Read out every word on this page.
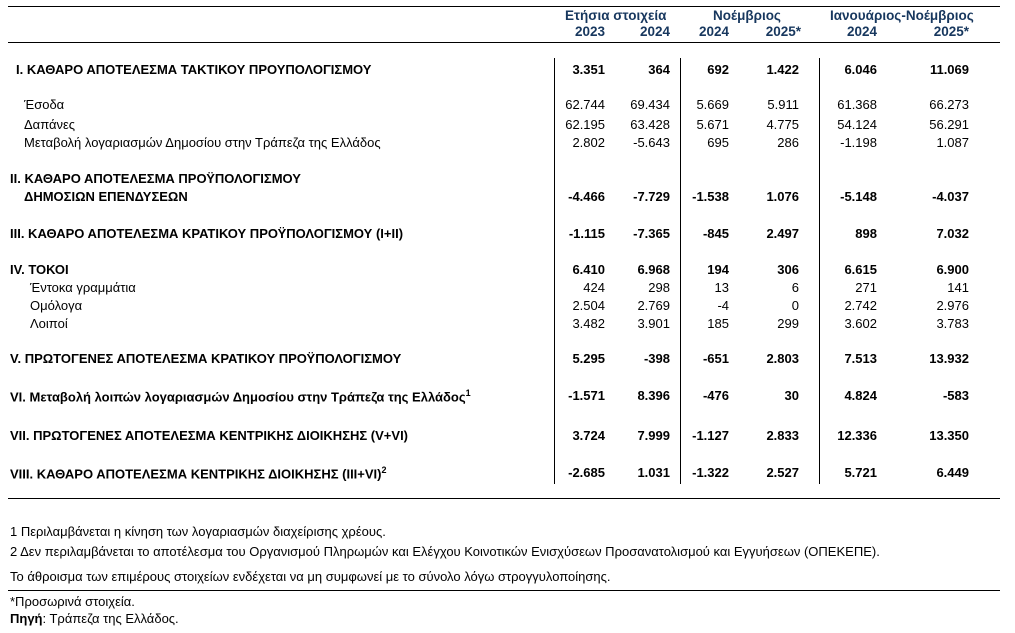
Ετήσια στοιχεία	Νοέμβριος	Ιανουάριος-Νοέμβριος
2023	2024 2024	2025*	2024	2025*
I. ΚΑΘΑΡΟ ΑΠΟΤΕΛΕΣΜΑ ΤΑΚΤΙΚΟΥ ΠΡΟΥΠΟΛΟΓΙΣΜΟΥ	3.351	364	692	1.422	6.046	11.069
Έσοδα	62.744 69.434 5.669	5.911	61.368	66.273
Δαπάνες	62.195 63.428 5.671	4.775	54.124	56.291
Μεταβολή λογαριασμών Δημοσίου στην Τράπεζα της Ελλάδος	2.802 -5.643	695	286	-1.198	1.087
II. ΚΑΘΑΡΟ ΑΠΟΤΕΛΕΣΜΑ ΠΡΟΫΠΟΛΟΓΙΣΜΟΥ
ΔΗΜΟΣΙΩΝ ΕΠΕΝΔΥΣΕΩΝ	-4.466 -7.729 -1.538	1.076	-5.148	-4.037
III. ΚΑΘΑΡΟ ΑΠΟΤΕΛΕΣΜΑ ΚΡΑΤΙΚΟΥ ΠΡΟΫΠΟΛΟΓΙΣΜΟΥ (I+II)	-1.115 -7.365	-845	2.497	898	7.032
IV. ΤΟΚΟΙ	6.410 6.968	194	306	6.615	6.900
Έντοκα γραμμάτια	424	298	13	6	271	141
Ομόλογα	2.504 2.769	-4	0	2.742	2.976
Λοιποί	3.482 3.901	185	299	3.602	3.783
V. ΠΡΩΤΟΓΕΝΕΣ ΑΠΟΤΕΛΕΣΜΑ ΚΡΑΤΙΚΟΥ ΠΡΟΫΠΟΛΟΓΙΣΜΟΥ	5.295	-398	-651	2.803	7.513	13.932
VI. Μεταβολή λοιπών λογαριασμών Δημοσίου στην Τράπεζα της Ελλάδος$^1$	-1.571 8.396	-476	30	4.824	-583
VII. ΠΡΩΤΟΓΕΝΕΣ ΑΠΟΤΕΛΕΣΜΑ ΚΕΝΤΡΙΚΗΣ ΔΙΟΙΚΗΣΗΣ (V+VI)	3.724 7.999 -1.127	2.833	12.336	13.350
VIII. ΚΑΘΑΡΟ ΑΠΟΤΕΛΕΣΜΑ ΚΕΝΤΡΙΚΗΣ ΔΙΟΙΚΗΣΗΣ $(III+VI)^2$	-2.685 1.031 -1.322	2.527	5.721	6.449
1 Περιλαμβάνεται η κίνηση των λογαριασμών διαχείρισης χρέους.
2 Δεν περιλαμβάνεται το αποτέλεσμα του Οργανισμού Πληρωμών και Ελέγχου Κοινοτικών Ενισχύσεων Προσανατολισμού και Εγγυήσεων (ΟΠΕΚΕΠΕ).
Το άθροισμα των επιμέρους στοιχείων ενδέχεται να μη συμφωνεί με το σύνολο λόγω στρογγυλοποίησης.
*Προσωρινά στοιχεία.
Πηγή: Τράπεζα της Ελλάδος.
